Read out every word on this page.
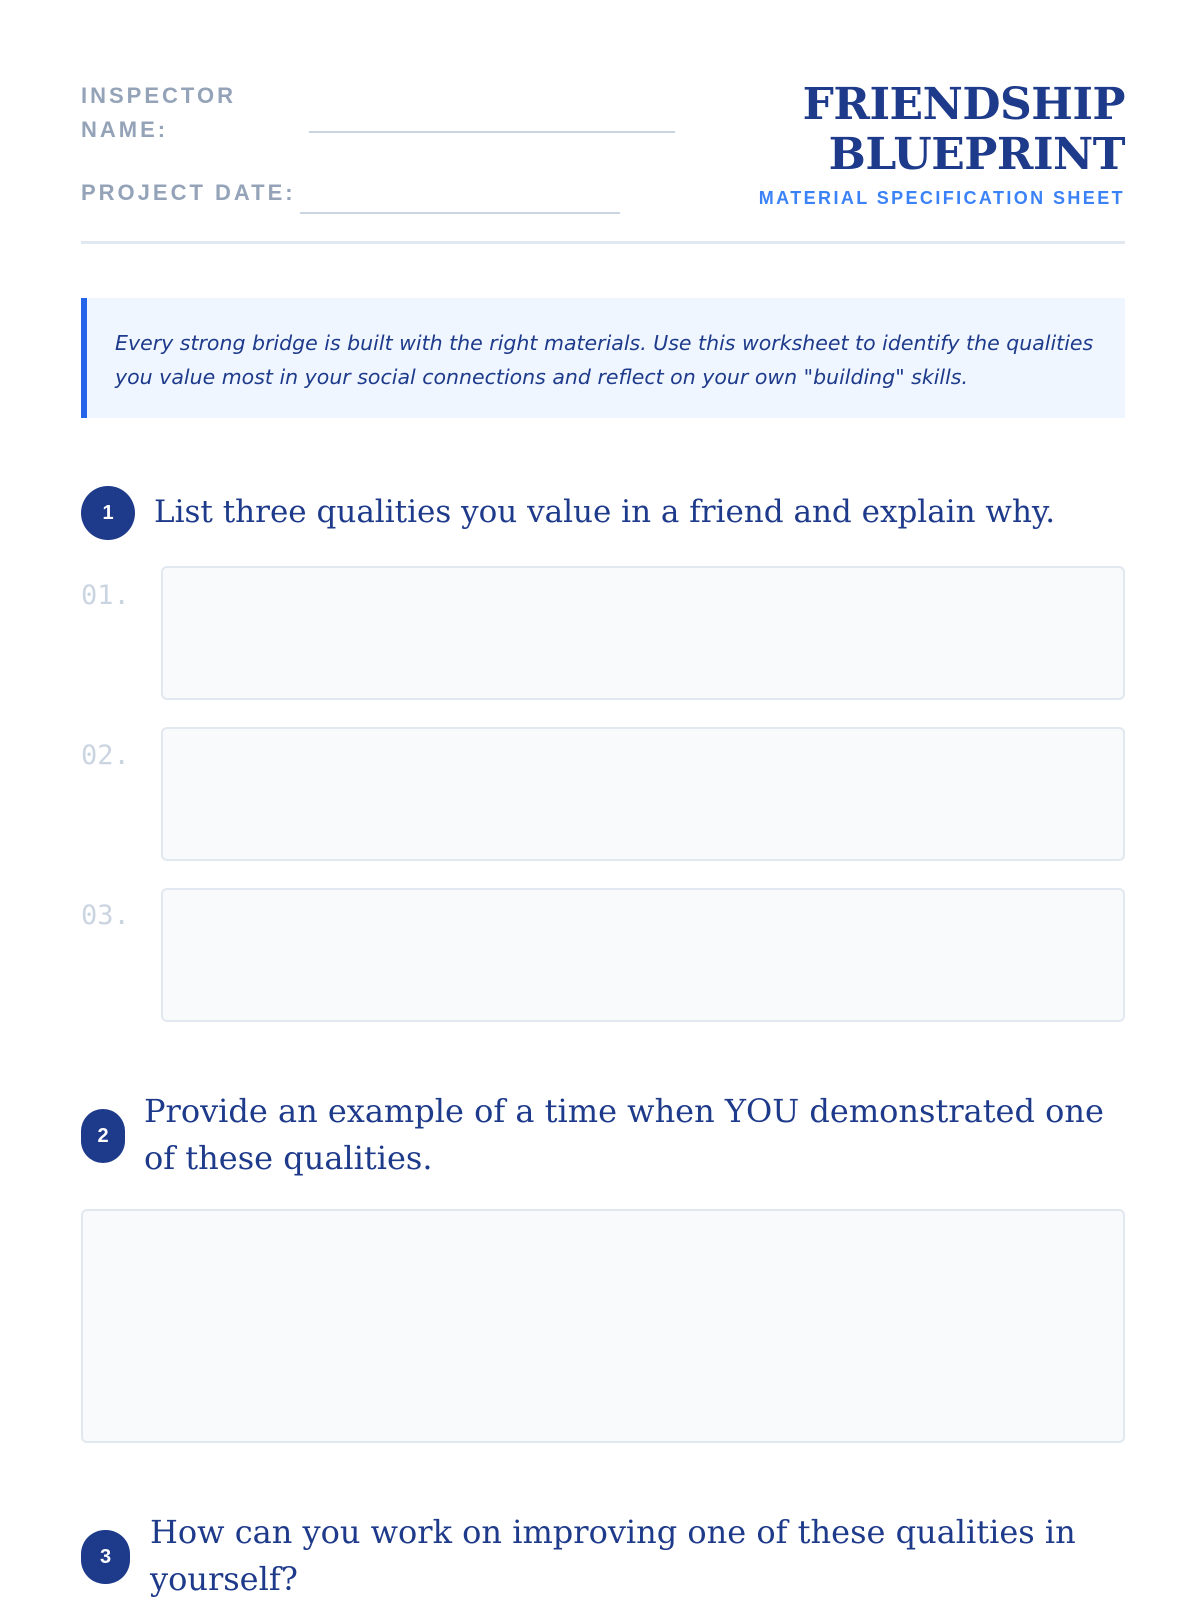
INSPECTOR NAME:
PROJECT DATE:
FRIENDSHIP
BLUEPRINT
MATERIAL SPECIFICATION SHEET
Every strong bridge is built with the right materials. Use this worksheet to identify the qualities you value most in your social connections and reflect on your own "building" skills.
1	List three qualities you value in a friend and explain why.
01.
02.
03.
2
Provide an example of a time when YOU demonstrated one of these qualities.
3
How can you work on improving one of these qualities in yourself?
